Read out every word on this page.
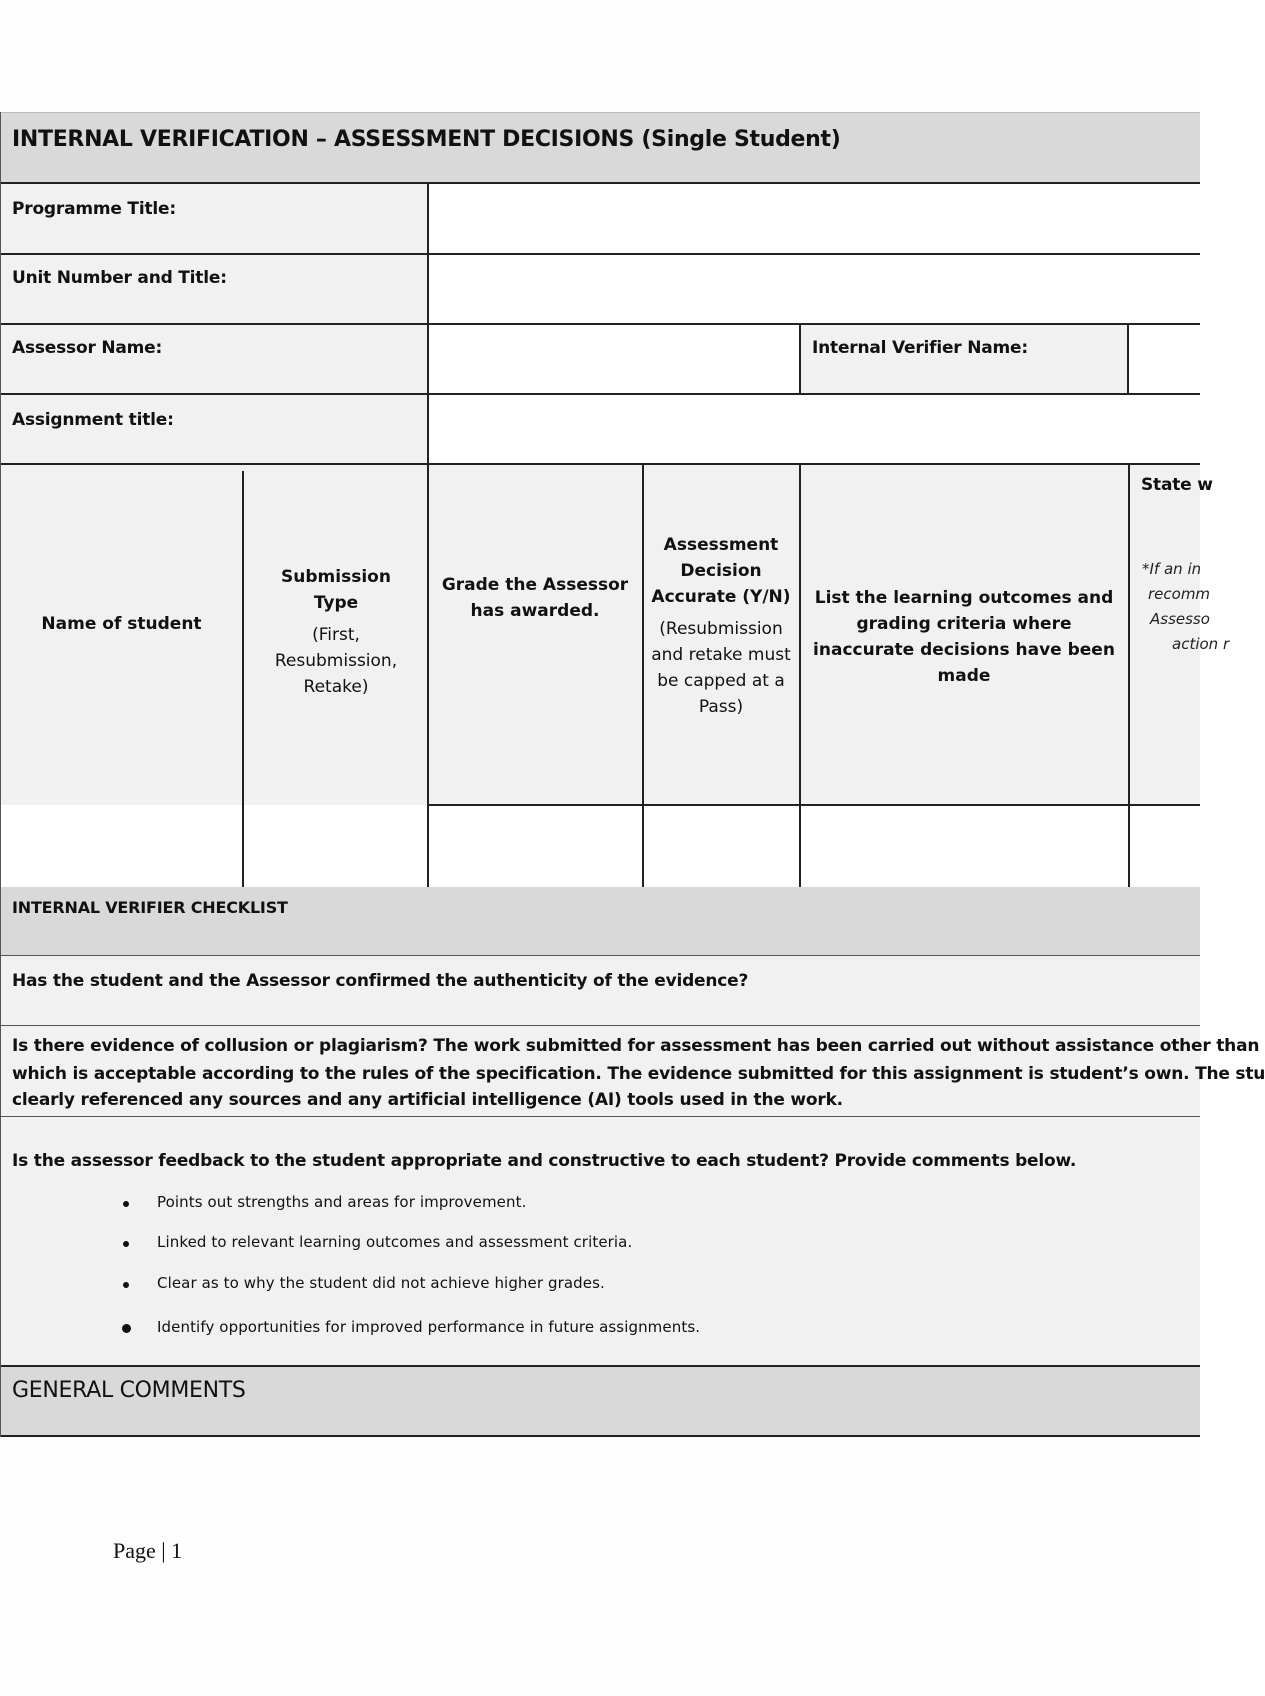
INTERNAL VERIFICATION – ASSESSMENT DECISIONS (Single Student)
Programme Title:
Unit Number and Title:
Assessor Name:	Internal Verifier Name:
Assignment title:
Name of student
Submission Type
(First, Resubmission, Retake)
Grade the Assessor has awarded.
Assessment Decision Accurate (Y/N)
(Resubmission and retake must be capped at a Pass)
List the learning outcomes and grading criteria where inaccurate decisions have been made
State w
*If an in
recomm
Assesso
action r
INTERNAL VERIFIER CHECKLIST
Has the student and the Assessor confirmed the authenticity of the evidence?
Is there evidence of collusion or plagiarism? The work submitted for assessment has been carried out without assistance other than
which is acceptable according to the rules of the specification. The evidence submitted for this assignment is student’s own. The stu
clearly referenced any sources and any artificial intelligence (AI) tools used in the work.
Is the assessor feedback to the student appropriate and constructive to each student? Provide comments below.
Points out strengths and areas for improvement.
Linked to relevant learning outcomes and assessment criteria.
Clear as to why the student did not achieve higher grades.
Identify opportunities for improved performance in future assignments.
GENERAL COMMENTS
Page | 1
